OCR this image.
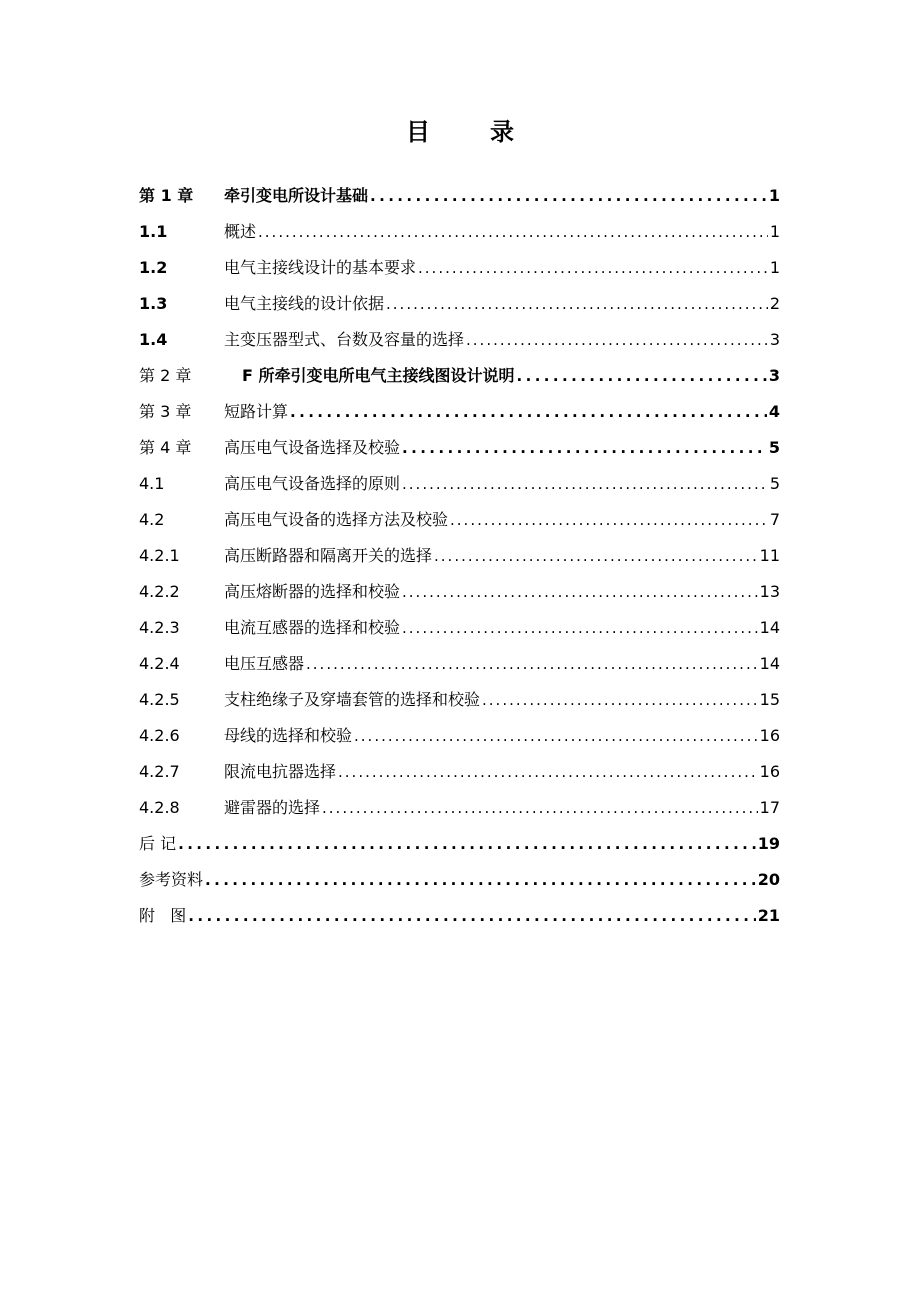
目	录
第 1 章	牵引变电所设计基础 .....	1
1.1	概述 .....	1
1.2	电气主接线设计的基本要求 .....	1
1.3	电气主接线的设计依据 .....	2
1.4	主变压器型式、台数及容量的选择 .....	3
第 2 章	F 所牵引变电所电气主接线图设计说明 .....	3
第 3 章	短路计算 .....	4
第 4 章	高压电气设备选择及校验 .....	5
4.1	高压电气设备选择的原则 .....	5
4.2	高压电气设备的选择方法及校验 .....	7
4.2.1	高压断路器和隔离开关的选择 .....	11
4.2.2	高压熔断器的选择和校验 .....	13
4.2.3	电流互感器的选择和校验 .....	14
4.2.4	电压互感器 .....	14
4.2.5	支柱绝缘子及穿墙套管的选择和校验 .....	15
4.2.6	母线的选择和校验 .....	16
4.2.7	限流电抗器选择 .....	16
4.2.8	避雷器的选择 .....	17
后 记 .....	19
参考资料 .....	20
附   图 .....	21
